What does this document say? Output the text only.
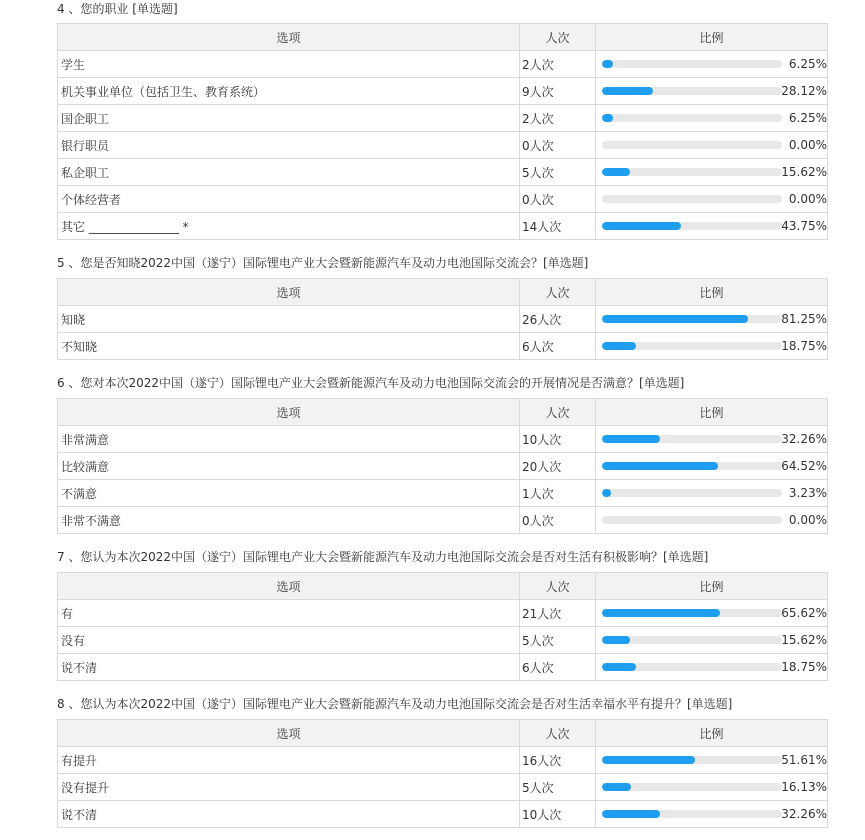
4 、您的职业 [单选题]
选项	人次	比例
学生	2人次	6.25%

机关事业单位（包括卫生、教育系统）	9人次	28.12%

国企职工	2人次	6.25%

银行职员	0人次	0.00%

私企职工	5人次	15.62%

个体经营者	0人次	0.00%

其它 _______________ *	14人次	43.75%
5 、您是否知晓2022中国（遂宁）国际锂电产业大会暨新能源汽车及动力电池国际交流会？[单选题]
选项	人次	比例
知晓	26人次	81.25%

不知晓	6人次	18.75%
6 、您对本次2022中国（遂宁）国际锂电产业大会暨新能源汽车及动力电池国际交流会的开展情况是否满意？[单选题]
选项	人次	比例
非常满意	10人次	32.26%

比较满意	20人次	64.52%

不满意	1人次	3.23%

非常不满意	0人次	0.00%
7 、您认为本次2022中国（遂宁）国际锂电产业大会暨新能源汽车及动力电池国际交流会是否对生活有积极影响？[单选题]
选项	人次	比例
有	21人次	65.62%

没有	5人次	15.62%

说不清	6人次	18.75%
8 、您认为本次2022中国（遂宁）国际锂电产业大会暨新能源汽车及动力电池国际交流会是否对生活幸福水平有提升？[单选题]
选项	人次	比例
有提升	16人次	51.61%

没有提升	5人次	16.13%

说不清	10人次	32.26%
